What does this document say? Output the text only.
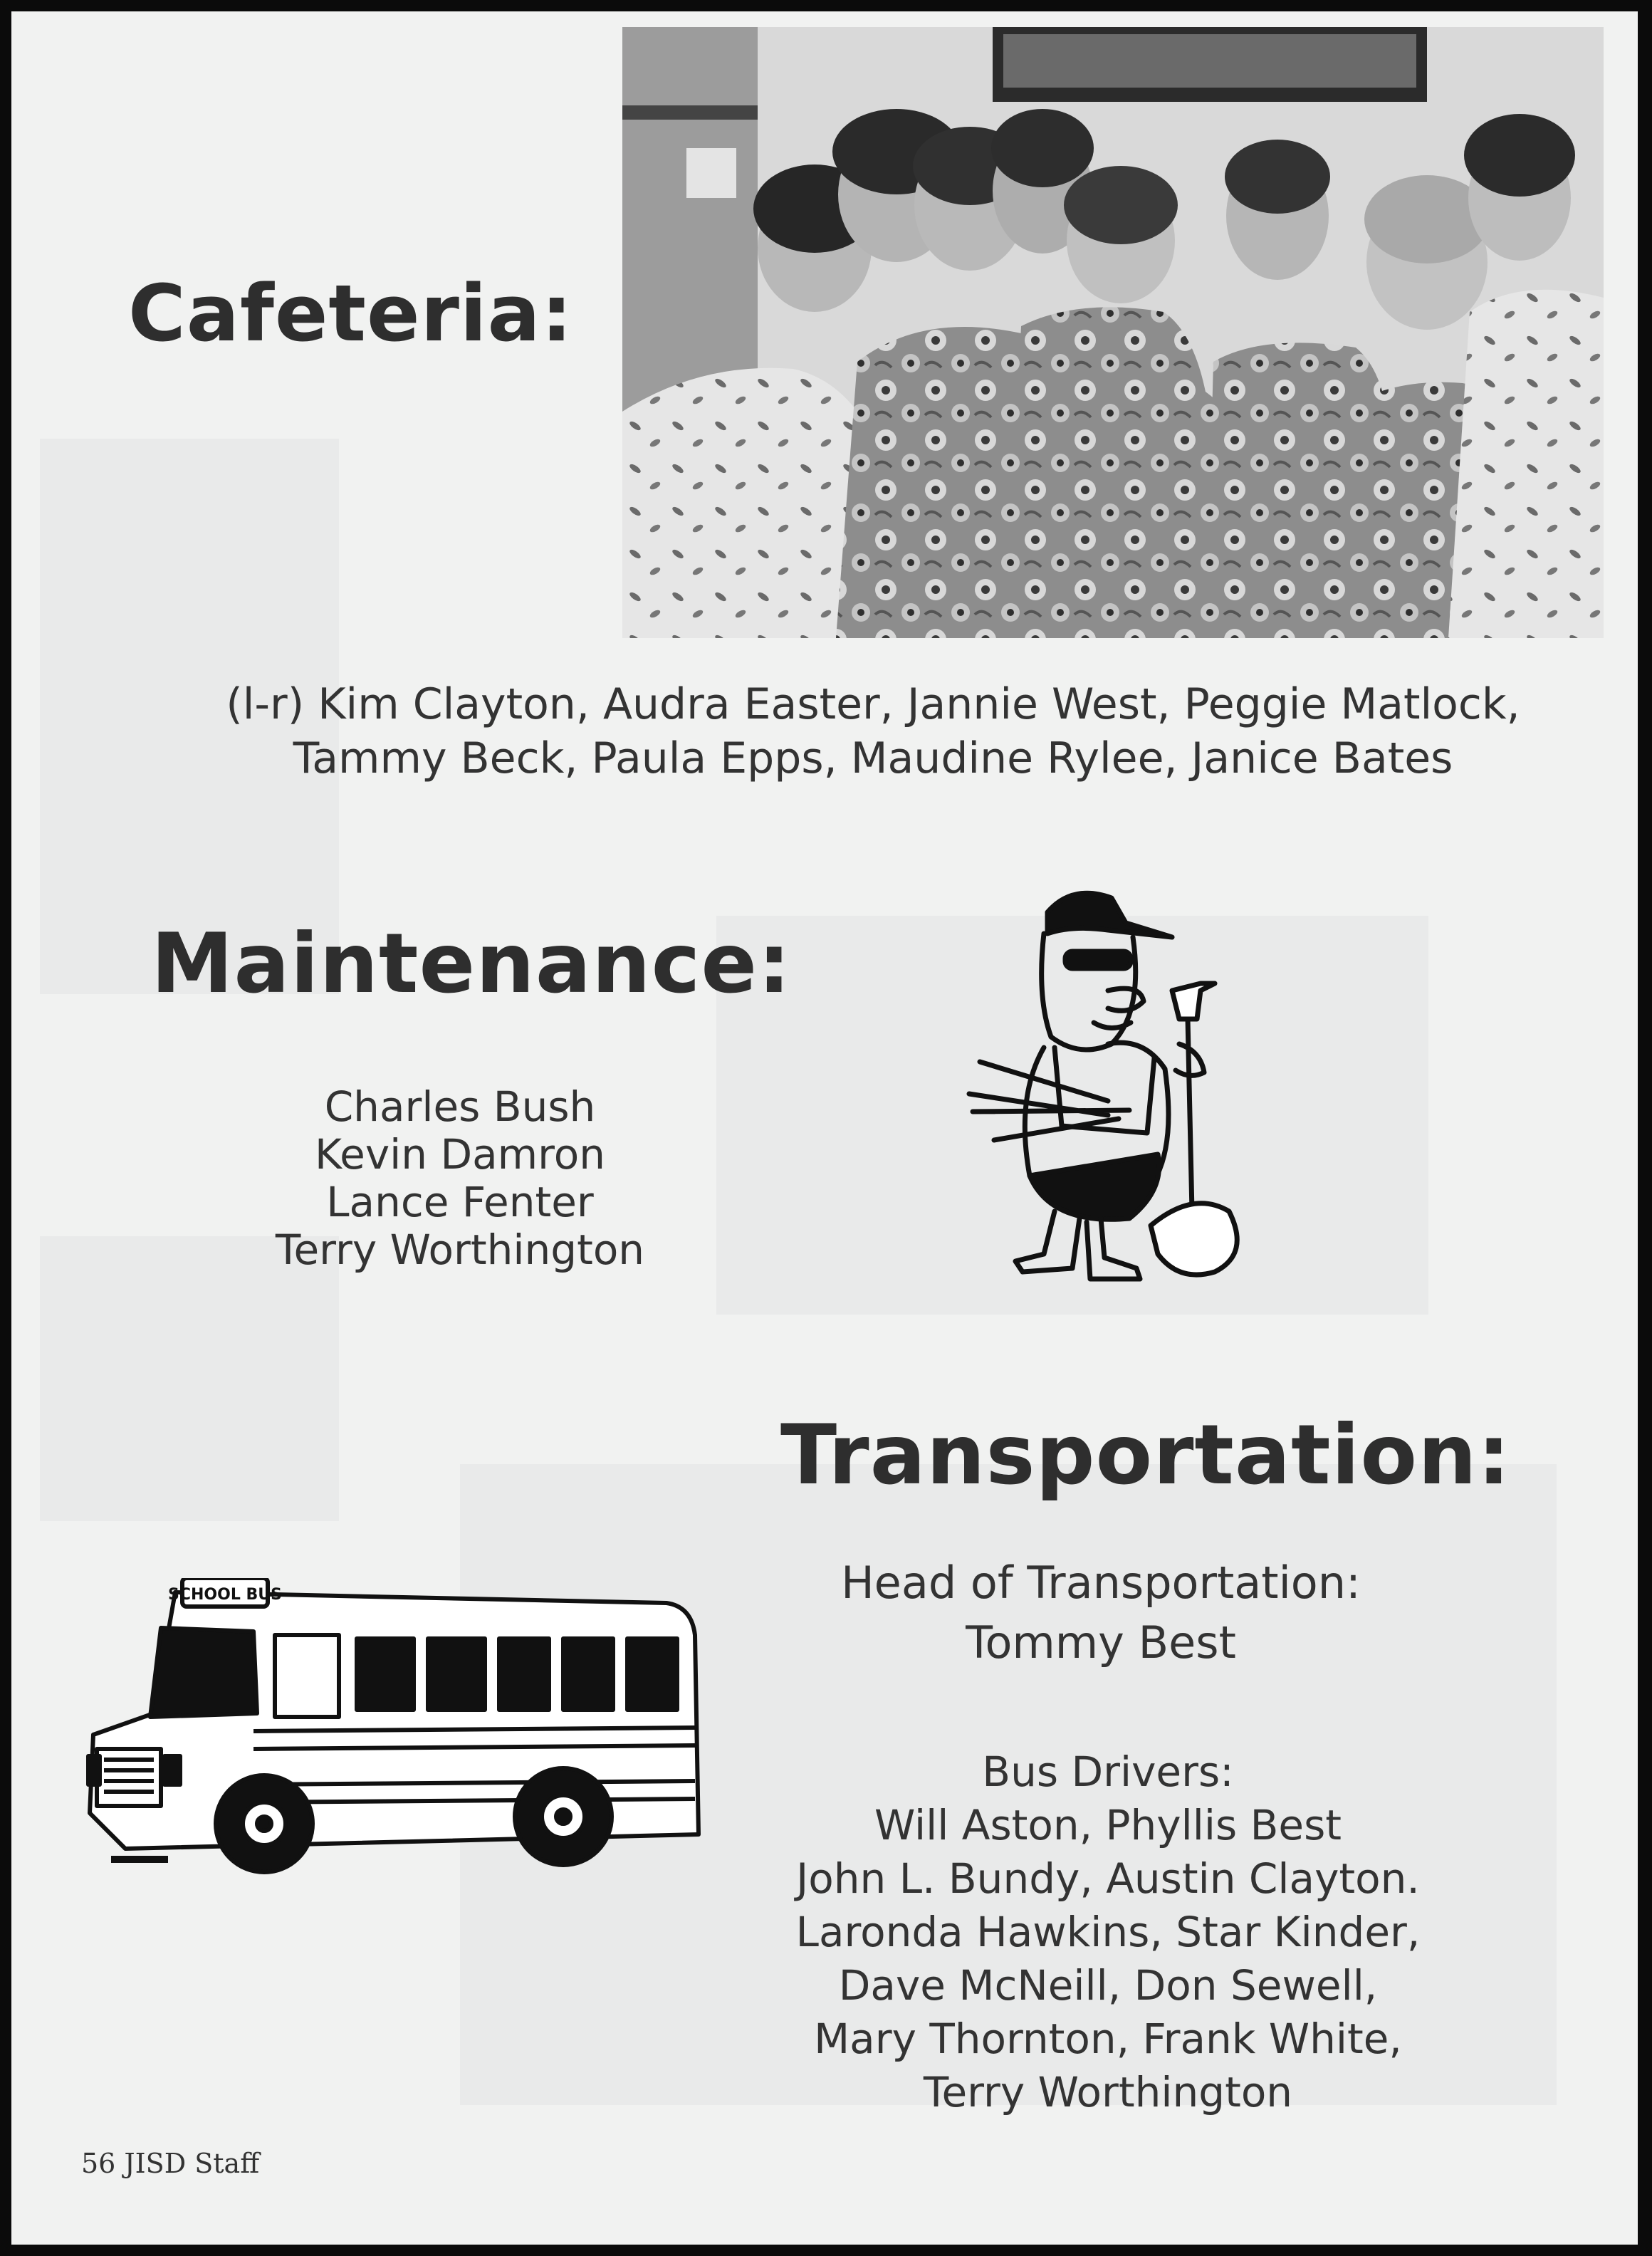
Cafeteria:

(l-r) Kim Clayton, Audra Easter, Jannie West, Peggie Matlock,
Tammy Beck, Paula Epps, Maudine Rylee, Janice Bates

Maintenance:

Charles Bush
Kevin Damron
Lance Fenter
Terry Worthington

Transportation:

Head of Transportation:
Tommy Best

Bus Drivers:
Will Aston, Phyllis Best
John L. Bundy, Austin Clayton.
Laronda Hawkins, Star Kinder,
Dave McNeill, Don Sewell,
Mary Thornton, Frank White,
Terry Worthington

SCHOOL BUS

56 JISD Staff
